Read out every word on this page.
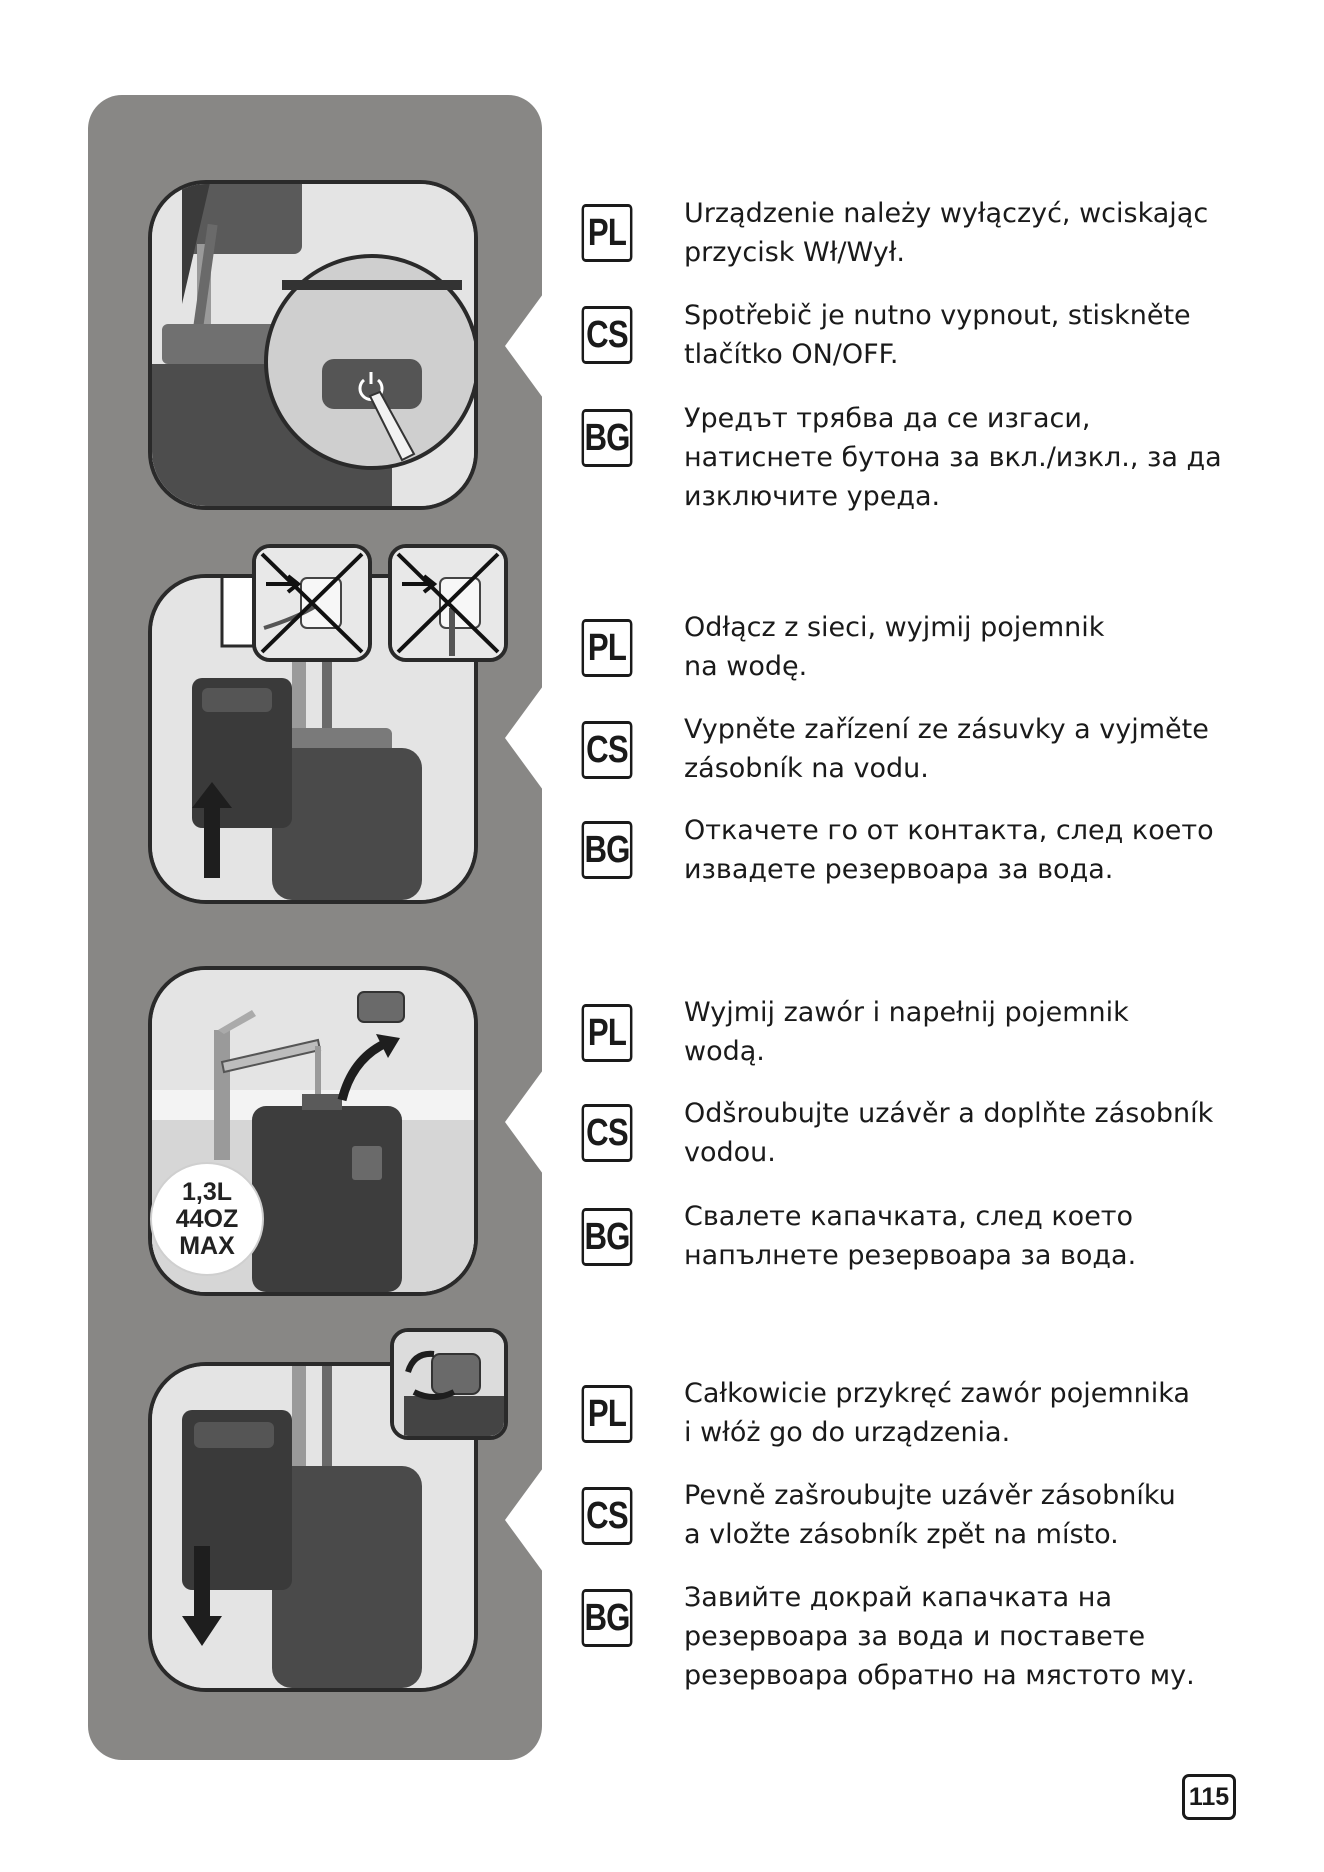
1,3L
44OZ
MAX
PL Urządzenie należy wyłączyć, wciskając
przycisk Wł/Wył.
CS Spotřebič je nutno vypnout, stiskněte
tlačítko ON/OFF.
BG Уредът трябва да се изгаси,
натиснете бутона за вкл./изкл., за да
изключите уреда.
PL Odłącz z sieci, wyjmij pojemnik
na wodę.
CS Vypněte zařízení ze zásuvky a vyjměte
zásobník na vodu.
BG Откачете го от контакта, след което
извадете резервоара за вода.
PL Wyjmij zawór i napełnij pojemnik
wodą.
CS Odšroubujte uzávěr a doplňte zásobník
vodou.
BG Свалете капачката, след което
напълнете резервоара за вода.
PL Całkowicie przykręć zawór pojemnika
i włóż go do urządzenia.
CS Pevně zašroubujte uzávěr zásobníku
a vložte zásobník zpět na místo.
BG Завийте докрай капачката на
резервоара за вода и поставете
резервоара обратно на мястото му.
115
